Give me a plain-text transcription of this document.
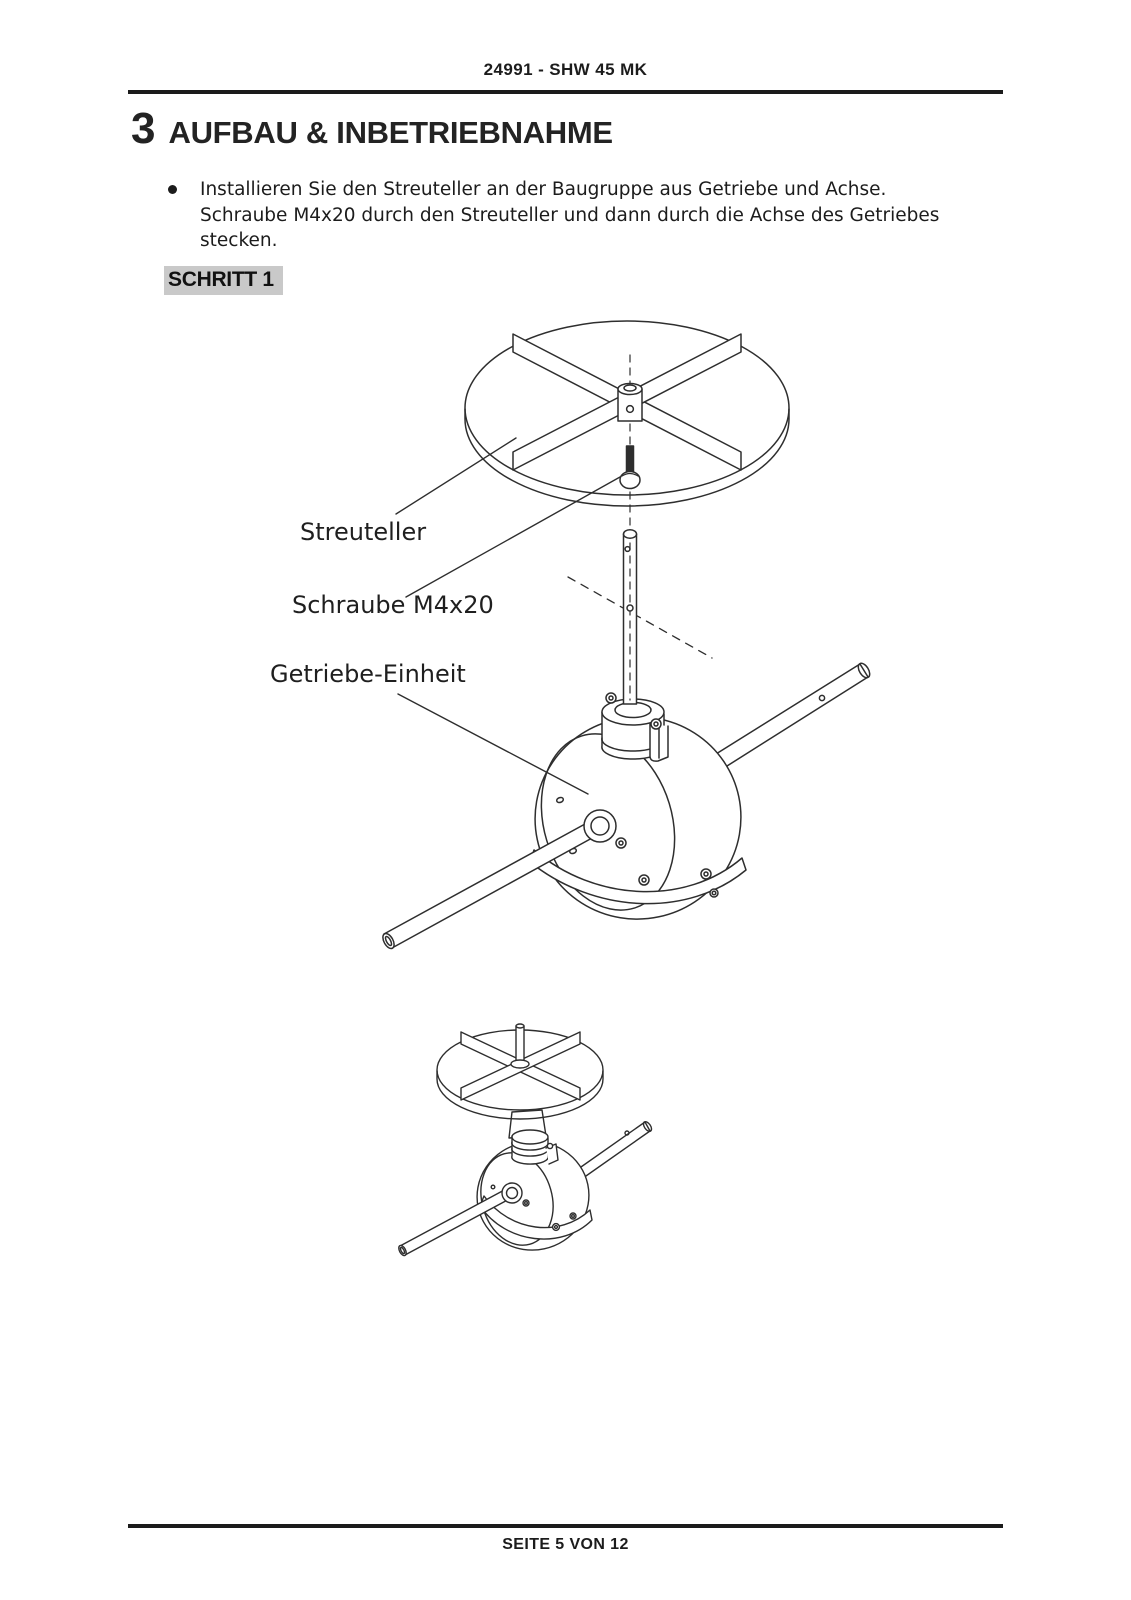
24991 - SHW 45 MK
3 AUFBAU & INBETRIEBNAHME
Installieren Sie den Streuteller an der Baugruppe aus Getriebe und Achse.
Schraube M4x20 durch den Streuteller und dann durch die Achse des Getriebes
stecken.
SCHRITT 1
Streuteller
Schraube M4x20
Getriebe-Einheit
SEITE 5 VON 12
